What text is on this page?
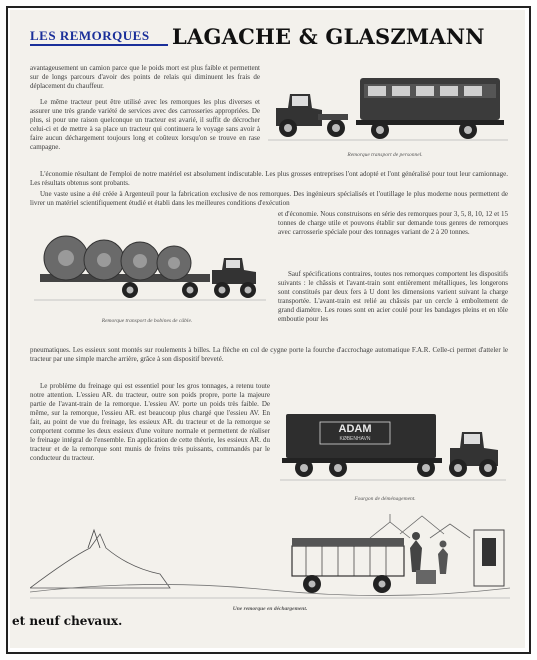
LES REMORQUES LAGACHE & GLASZMANN
avantageusement un camion parce que le poids mort est plus faible et permettent sur de longs parcours d'avoir des points de relais qui diminuent les frais de déplacement du chauffeur.
Le même tracteur peut être utilisé avec les remorques les plus diverses et assurer une très grande variété de services avec des carrosseries appropriées. De plus, si pour une raison quelconque un tracteur est avarié, il suffit de décrocher celui-ci et de mettre à sa place un tracteur qui continuera le voyage sans avoir à faire aucun déchargement toujours long et coûteux lorsqu'on se trouve en rase campagne.
Remorque transport de personnel.
L'économie résultant de l'emploi de notre matériel est absolument indiscutable. Les plus grosses entreprises l'ont adopté et l'ont généralisé pour tout leur camionnage. Les résultats obtenus sont probants.
Une vaste usine a été créée à Argenteuil pour la fabrication exclusive de nos remorques. Des ingénieurs spécialisés et l'outillage le plus moderne nous permettent de livrer un matériel scientifiquement étudié et établi dans les meilleures conditions d'exécution
Remorque transport de bobines de câble.
et d'économie. Nous construisons en série des remorques pour 3, 5, 8, 10, 12 et 15 tonnes de charge utile et pouvons établir sur demande tous genres de remorques avec carrosserie spéciale pour des tonnages variant de 2 à 20 tonnes.
Sauf spécifications contraires, toutes nos remorques comportent les dispositifs suivants : le châssis et l'avant-train sont entièrement métalliques, les longerons sont constitués par deux fers à U dont les dimensions varient suivant la charge transportée. L'avant-train est relié au châssis par un cercle à emboîtement de grand diamètre. Les roues sont en acier coulé pour les bandages pleins et en tôle emboutie pour les
pneumatiques. Les essieux sont montés sur roulements à billes. La flèche en col de cygne porte la fourche d'accrochage automatique F.A.R. Celle-ci permet d'atteler le tracteur par une simple marche arrière, grâce à son dispositif breveté.
Le problème du freinage qui est essentiel pour les gros tonnages, a retenu toute notre attention. L'essieu AR. du tracteur, outre son poids propre, porte la majeure partie de l'avant-train de la remorque. L'essieu AV. porte un poids très faible. De même, sur la remorque, l'essieu AR. est beaucoup plus chargé que l'essieu AV. En fait, au point de vue du freinage, les essieux AR. du tracteur et de la remorque se comportent comme les deux essieux d'une voiture normale et permettent de réaliser le freinage intégral de l'ensemble. En application de cette théorie, les essieux AR. du tracteur et de la remorque sont munis de freins très puissants, commandés par le conducteur du tracteur.
ADAM
KØBENHAVN
Fourgon de déménagement.
Une remorque en déchargement.
et neuf chevaux.
